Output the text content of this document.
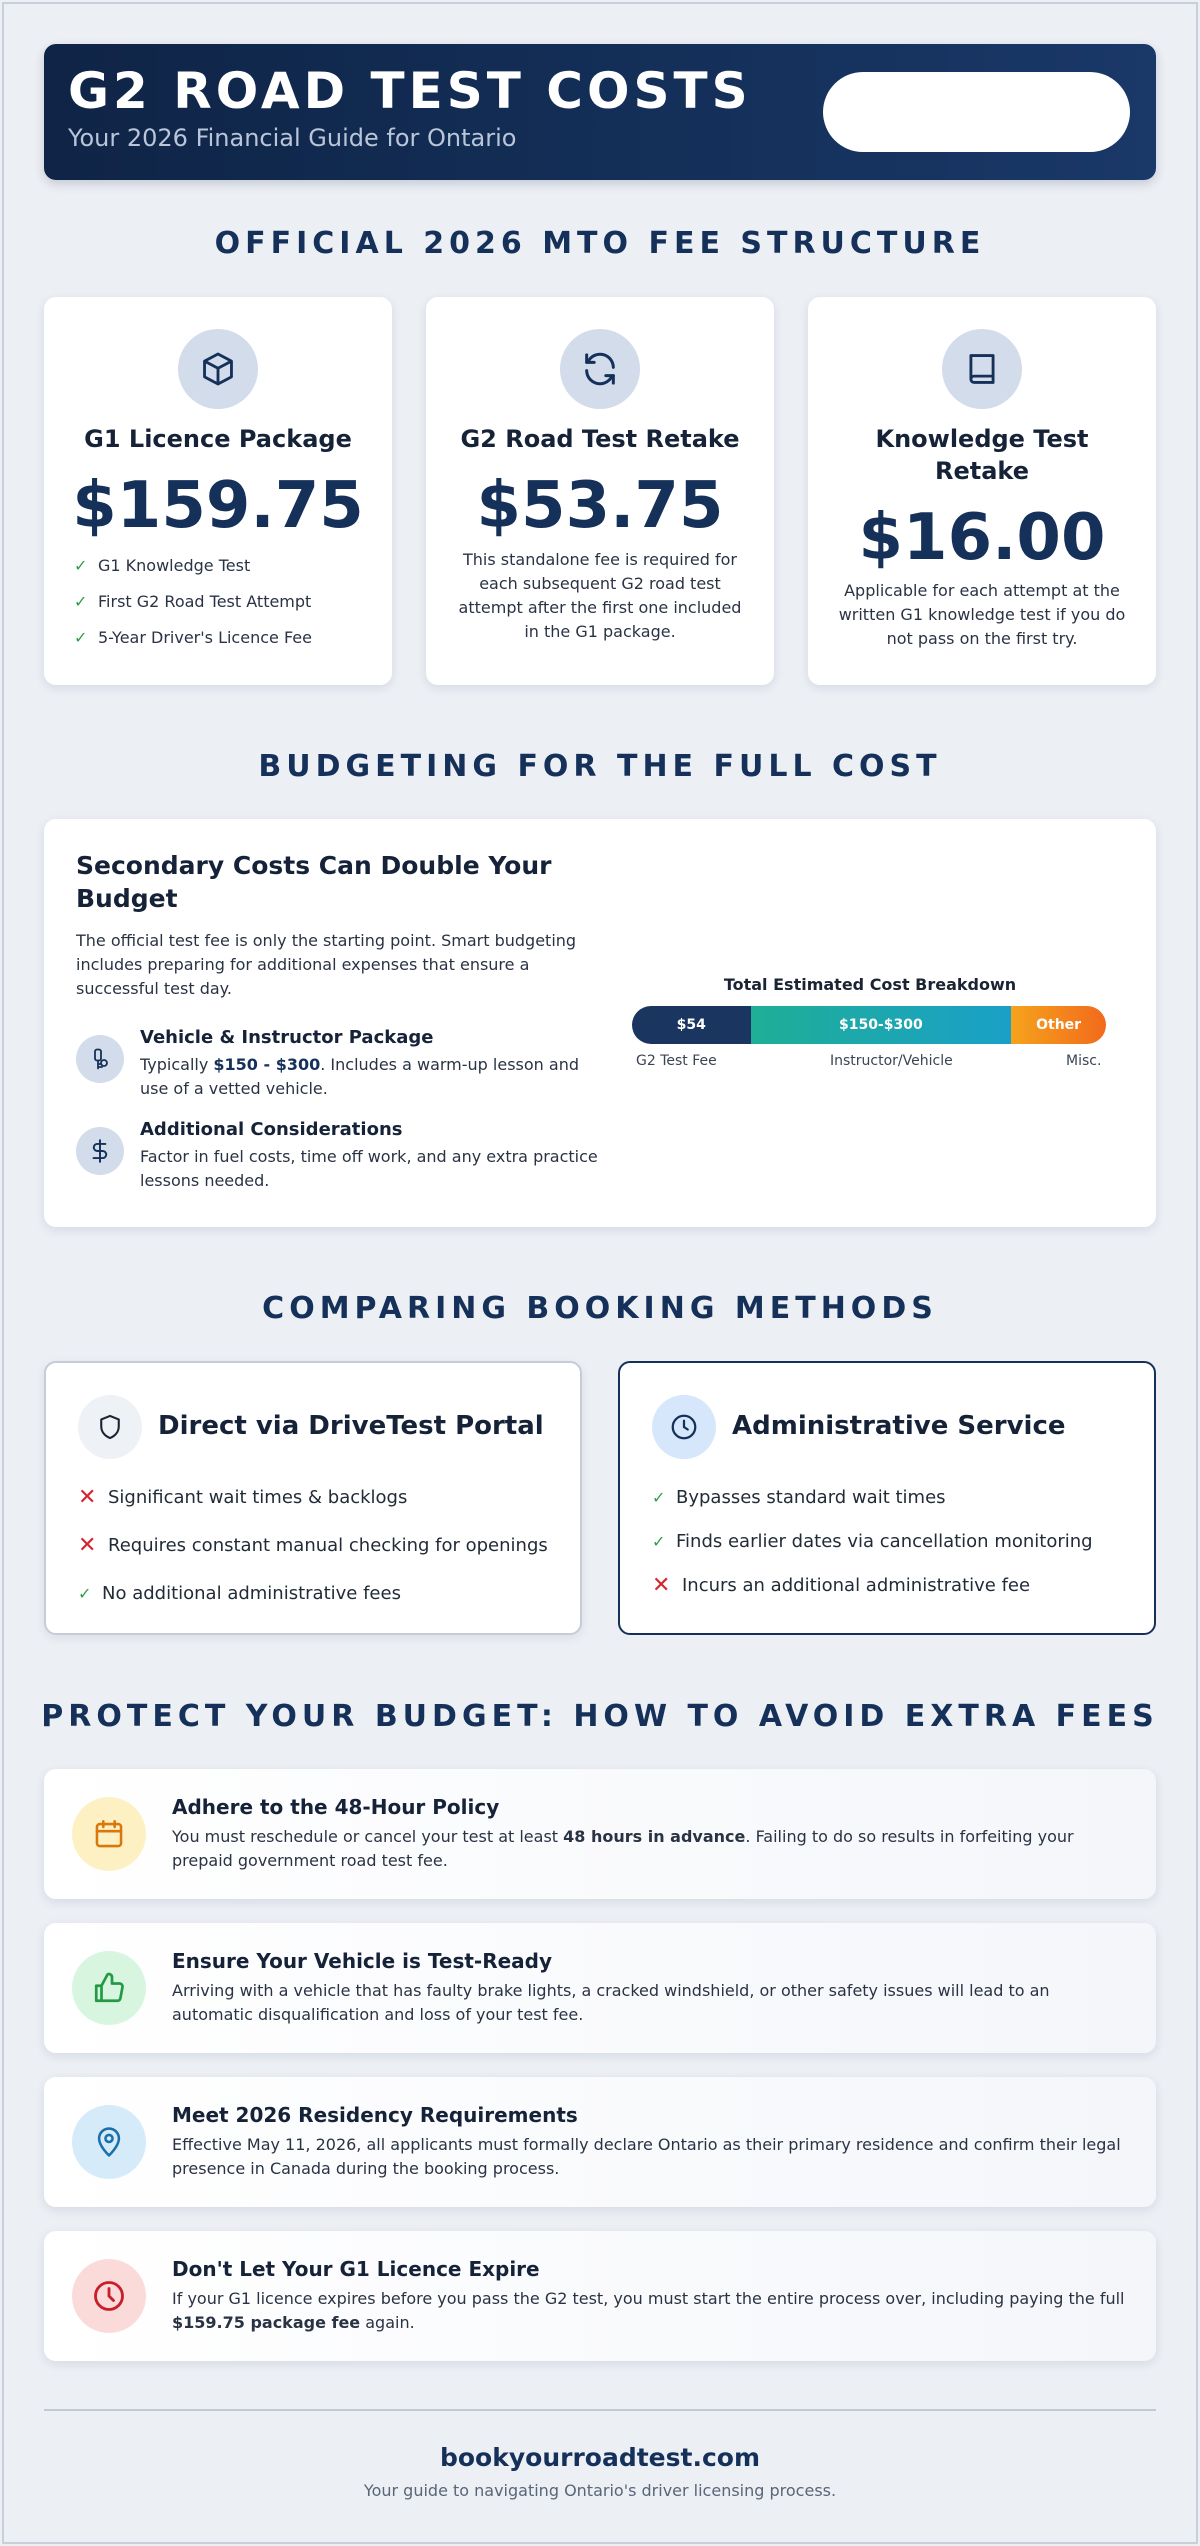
G2 ROAD TEST COSTS
Your 2026 Financial Guide for Ontario
OFFICIAL 2026 MTO FEE STRUCTURE
G1 Licence Package
$159.75
✓ G1 Knowledge Test
✓ First G2 Road Test Attempt
✓ 5-Year Driver's Licence Fee
G2 Road Test Retake
$53.75
This standalone fee is required for each subsequent G2 road test attempt after the first one included in the G1 package.
Knowledge Test Retake
$16.00
Applicable for each attempt at the written G1 knowledge test if you do not pass on the first try.
BUDGETING FOR THE FULL COST
Secondary Costs Can Double Your Budget
The official test fee is only the starting point. Smart budgeting includes preparing for additional expenses that ensure a successful test day.
Vehicle & Instructor Package
Typically $150 - $300. Includes a warm-up lesson and use of a vetted vehicle.
Additional Considerations
Factor in fuel costs, time off work, and any extra practice lessons needed.
Total Estimated Cost Breakdown
$54	$150-$300	Other
G2 Test Fee	Instructor/Vehicle	Misc.
COMPARING BOOKING METHODS
Direct via DriveTest Portal
✕ Significant wait times & backlogs
✕ Requires constant manual checking for openings
✓ No additional administrative fees
Administrative Service
✓ Bypasses standard wait times
✓ Finds earlier dates via cancellation monitoring
✕ Incurs an additional administrative fee
PROTECT YOUR BUDGET: HOW TO AVOID EXTRA FEES
Adhere to the 48-Hour Policy
You must reschedule or cancel your test at least 48 hours in advance. Failing to do so results in forfeiting your prepaid government road test fee.
Ensure Your Vehicle is Test-Ready
Arriving with a vehicle that has faulty brake lights, a cracked windshield, or other safety issues will lead to an automatic disqualification and loss of your test fee.
Meet 2026 Residency Requirements
Effective May 11, 2026, all applicants must formally declare Ontario as their primary residence and confirm their legal presence in Canada during the booking process.
Don't Let Your G1 Licence Expire
If your G1 licence expires before you pass the G2 test, you must start the entire process over, including paying the full $159.75 package fee again.
bookyourroadtest.com
Your guide to navigating Ontario's driver licensing process.
